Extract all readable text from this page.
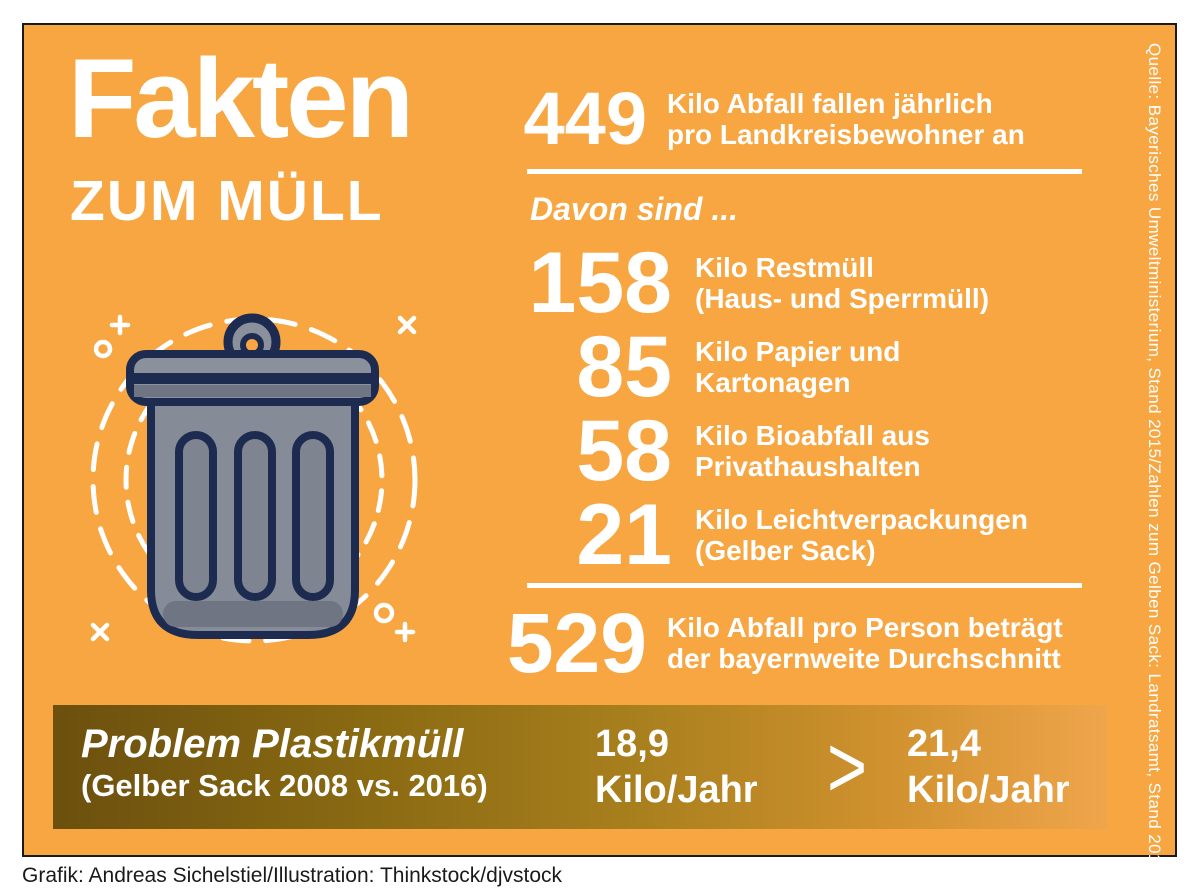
Fakten
ZUM MÜLL
449 Kilo Abfall fallen jährlich
pro Landkreisbewohner an
Davon sind ...
158 Kilo Restmüll
(Haus- und Sperrmüll)
85 Kilo Papier und
Kartonagen
58 Kilo Bioabfall aus
Privathaushalten
21 Kilo Leichtverpackungen
(Gelber Sack)
529 Kilo Abfall pro Person beträgt
der bayernweite Durchschnitt
Problem Plastikmüll
(Gelber Sack 2008 vs. 2016)
18,9
Kilo/Jahr >	21,4
Kilo/Jahr	Quelle: Bayerisches Umweltministerium, Stand 2015/Zahlen zum Gelben Sack: Landratsamt, Stand 2016
Grafik: Andreas Sichelstiel/Illustration: Thinkstock/djvstock
